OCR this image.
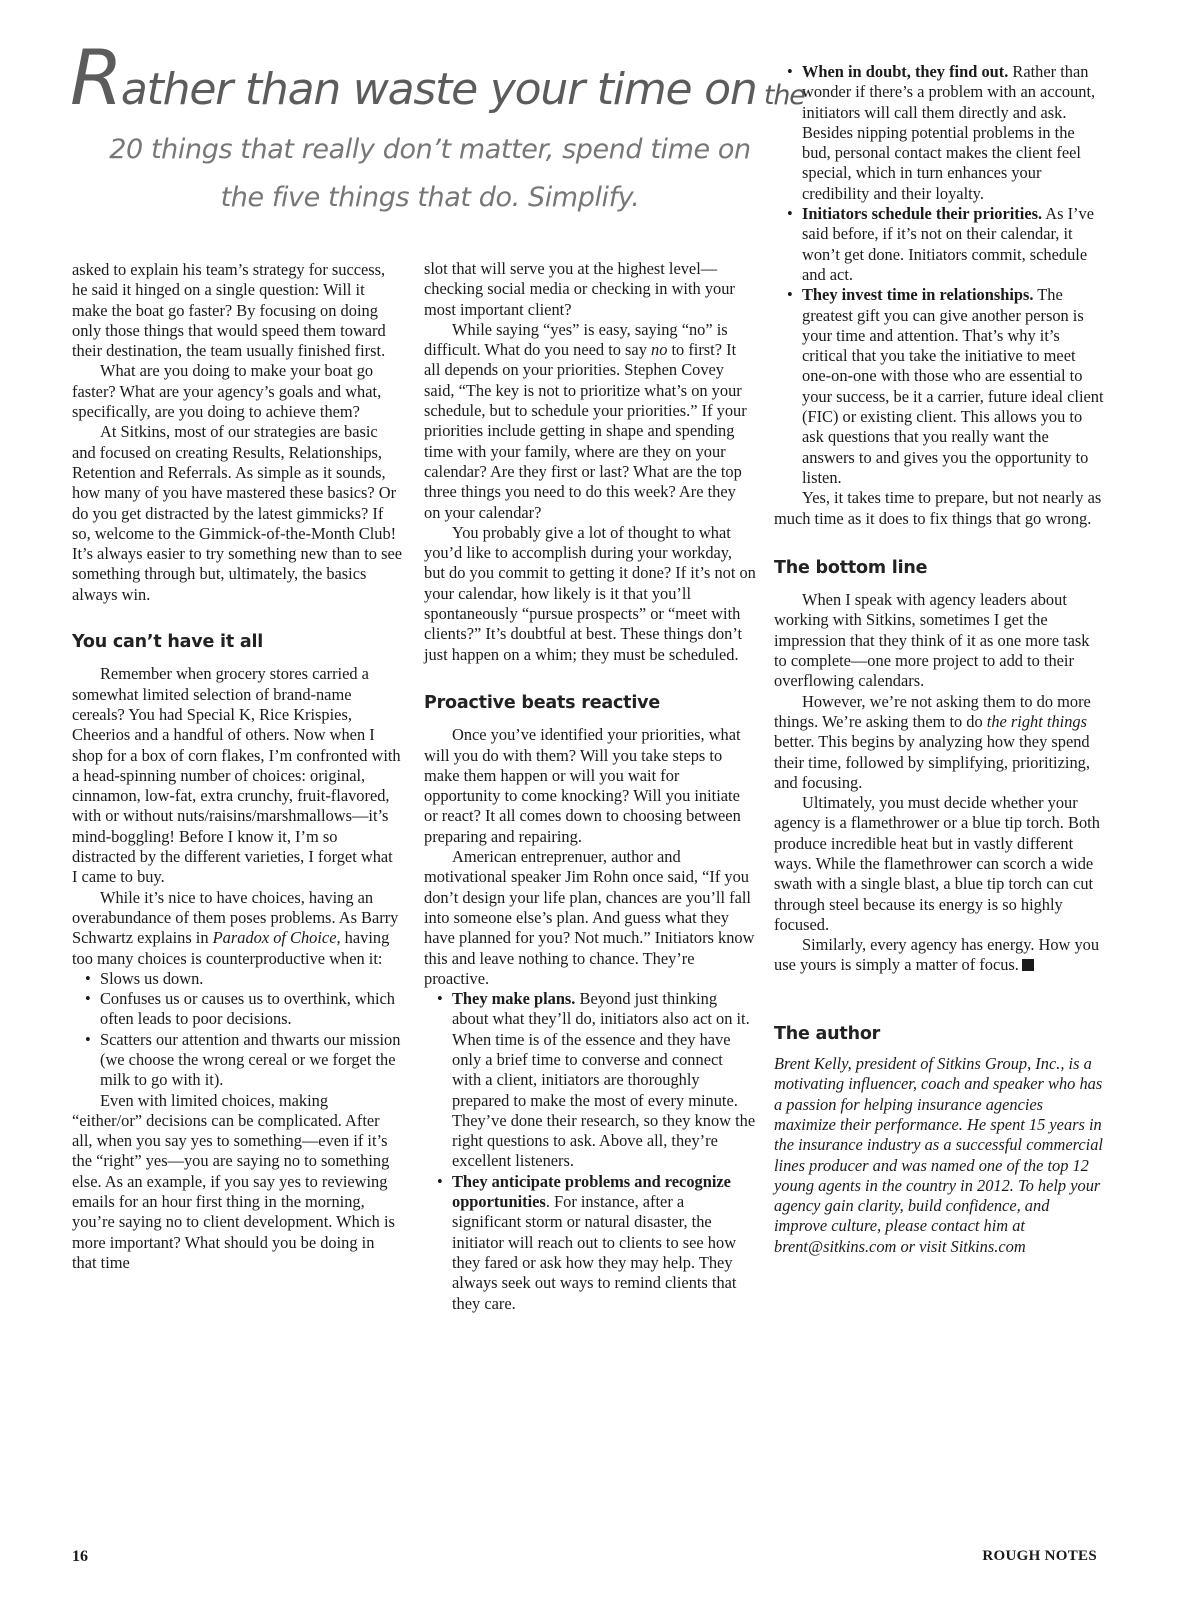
Rather than waste your time on the
20 things that really don’t matter, spend time on
the five things that do. Simplify.

asked to explain his team’s strategy for success, he said it hinged on a single question: Will it make the boat go faster? By focusing on doing only those things that would speed them toward their destination, the team usually finished first.

What are you doing to make your boat go faster? What are your agency’s goals and what, specifically, are you doing to achieve them?

At Sitkins, most of our strategies are basic and focused on creating Results, Relationships, Retention and Referrals. As simple as it sounds, how many of you have mastered these basics? Or do you get distracted by the latest gimmicks? If so, welcome to the Gimmick-of-the-Month Club! It’s always easier to try something new than to see something through but, ultimately, the basics always win.

You can’t have it all

Remember when grocery stores carried a somewhat limited selection of brand-name cereals? You had Special K, Rice Krispies, Cheerios and a handful of others. Now when I shop for a box of corn flakes, I’m confronted with a head-spinning number of choices: original, cinnamon, low-fat, extra crunchy, fruit-flavored, with or without nuts/raisins/marshmallows—it’s mind-boggling! Before I know it, I’m so distracted by the different varieties, I forget what I came to buy.

While it’s nice to have choices, having an overabundance of them poses problems. As Barry Schwartz explains in Paradox of Choice, having too many choices is counterproductive when it:

• Slows us down.
• Confuses us or causes us to overthink, which often leads to poor decisions.
• Scatters our attention and thwarts our mission (we choose the wrong cereal or we forget the milk to go with it).

Even with limited choices, making “either/or” decisions can be complicated. After all, when you say yes to something—even if it’s the “right” yes—you are saying no to something else. As an example, if you say yes to reviewing emails for an hour first thing in the morning, you’re saying no to client development. Which is more important? What should you be doing in that time

slot that will serve you at the highest level—checking social media or checking in with your most important client?

While saying “yes” is easy, saying “no” is difficult. What do you need to say no to first? It all depends on your priorities. Stephen Covey said, “The key is not to prioritize what’s on your schedule, but to schedule your priorities.” If your priorities include getting in shape and spending time with your family, where are they on your calendar? Are they first or last? What are the top three things you need to do this week? Are they on your calendar?

You probably give a lot of thought to what you’d like to accomplish during your workday, but do you commit to getting it done? If it’s not on your calendar, how likely is it that you’ll spontaneously “pursue prospects” or “meet with clients?” It’s doubtful at best. These things don’t just happen on a whim; they must be scheduled.

Proactive beats reactive

Once you’ve identified your priorities, what will you do with them? Will you take steps to make them happen or will you wait for opportunity to come knocking? Will you initiate or react? It all comes down to choosing between preparing and repairing.

American entreprenuer, author and motivational speaker Jim Rohn once said, “If you don’t design your life plan, chances are you’ll fall into someone else’s plan. And guess what they have planned for you? Not much.” Initiators know this and leave nothing to chance. They’re proactive.

• They make plans. Beyond just thinking about what they’ll do, initiators also act on it. When time is of the essence and they have only a brief time to converse and connect with a client, initiators are thoroughly prepared to make the most of every minute. They’ve done their research, so they know the right questions to ask. Above all, they’re excellent listeners.
• They anticipate problems and recognize opportunities. For instance, after a significant storm or natural disaster, the initiator will reach out to clients to see how they fared or ask how they may help. They always seek out ways to remind clients that they care.
• When in doubt, they find out. Rather than wonder if there’s a problem with an account, initiators will call them directly and ask. Besides nipping potential problems in the bud, personal contact makes the client feel special, which in turn enhances your credibility and their loyalty.
• Initiators schedule their priorities. As I’ve said before, if it’s not on their calendar, it won’t get done. Initiators commit, schedule and act.
• They invest time in relationships. The greatest gift you can give another person is your time and attention. That’s why it’s critical that you take the initiative to meet one-on-one with those who are essential to your success, be it a carrier, future ideal client (FIC) or existing client. This allows you to ask questions that you really want the answers to and gives you the opportunity to listen.

Yes, it takes time to prepare, but not nearly as much time as it does to fix things that go wrong.

The bottom line

When I speak with agency leaders about working with Sitkins, sometimes I get the impression that they think of it as one more task to complete—one more project to add to their overflowing calendars.

However, we’re not asking them to do more things. We’re asking them to do the right things better. This begins by analyzing how they spend their time, followed by simplifying, prioritizing, and focusing.

Ultimately, you must decide whether your agency is a flamethrower or a blue tip torch. Both produce incredible heat but in vastly different ways. While the flamethrower can scorch a wide swath with a single blast, a blue tip torch can cut through steel because its energy is so highly focused.

Similarly, every agency has energy. How you use yours is simply a matter of focus.

The author

Brent Kelly, president of Sitkins Group, Inc., is a motivating influencer, coach and speaker who has a passion for helping insurance agencies maximize their performance. He spent 15 years in the insurance industry as a successful commercial lines producer and was named one of the top 12 young agents in the country in 2012. To help your agency gain clarity, build confidence, and improve culture, please contact him at brent@sitkins.com or visit Sitkins.com

16	ROUGH NOTES
